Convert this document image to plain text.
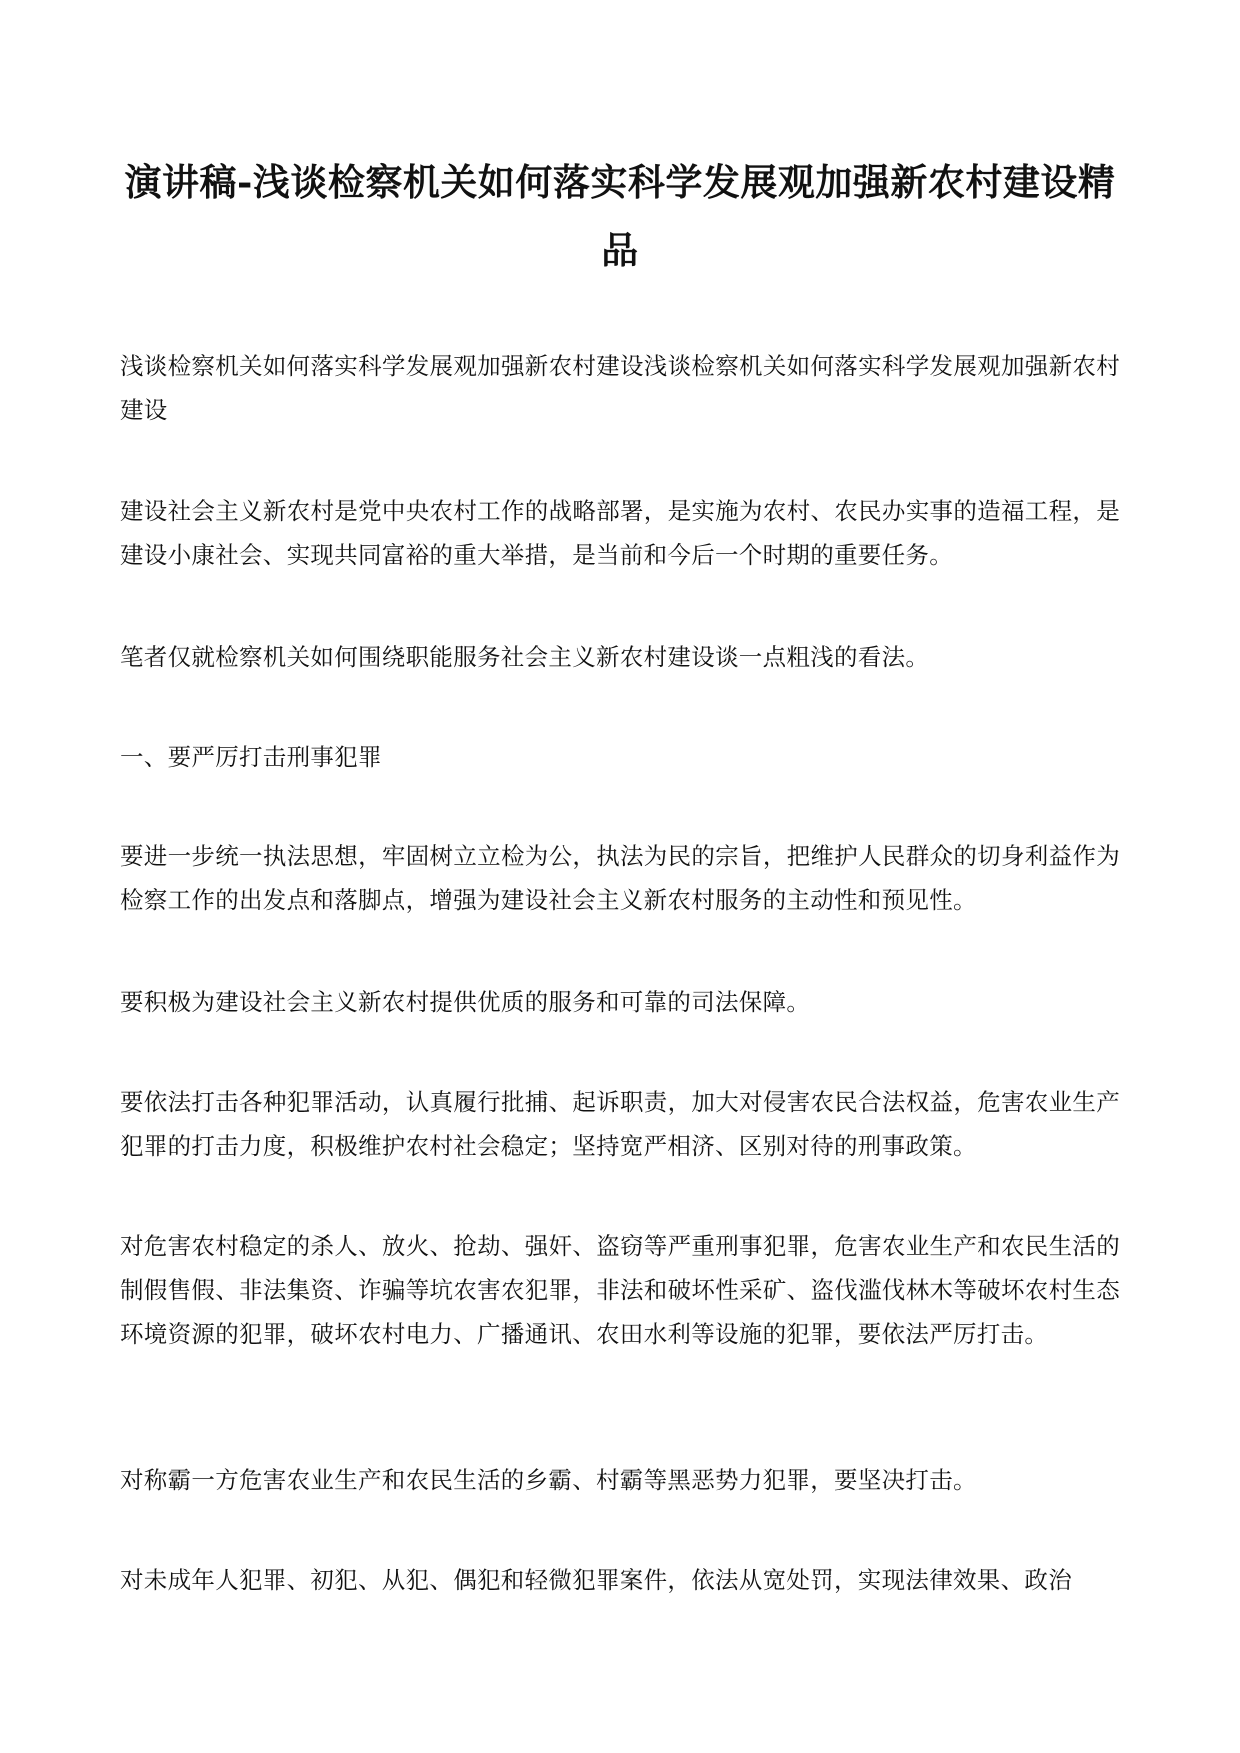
演讲稿-浅谈检察机关如何落实科学发展观加强新农村建设精品

浅谈检察机关如何落实科学发展观加强新农村建设浅谈检察机关如何落实科学发展观加强新农村建设

建设社会主义新农村是党中央农村工作的战略部署，是实施为农村、农民办实事的造福工程，是建设小康社会、实现共同富裕的重大举措，是当前和今后一个时期的重要任务。

笔者仅就检察机关如何围绕职能服务社会主义新农村建设谈一点粗浅的看法。

一、要严厉打击刑事犯罪

要进一步统一执法思想，牢固树立立检为公，执法为民的宗旨，把维护人民群众的切身利益作为检察工作的出发点和落脚点，增强为建设社会主义新农村服务的主动性和预见性。

要积极为建设社会主义新农村提供优质的服务和可靠的司法保障。

要依法打击各种犯罪活动，认真履行批捕、起诉职责，加大对侵害农民合法权益，危害农业生产犯罪的打击力度，积极维护农村社会稳定；坚持宽严相济、区别对待的刑事政策。

对危害农村稳定的杀人、放火、抢劫、强奸、盗窃等严重刑事犯罪，危害农业生产和农民生活的制假售假、非法集资、诈骗等坑农害农犯罪，非法和破坏性采矿、盗伐滥伐林木等破坏农村生态环境资源的犯罪，破坏农村电力、广播通讯、农田水利等设施的犯罪，要依法严厉打击。

对称霸一方危害农业生产和农民生活的乡霸、村霸等黑恶势力犯罪，要坚决打击。

对未成年人犯罪、初犯、从犯、偶犯和轻微犯罪案件，依法从宽处罚，实现法律效果、政治
